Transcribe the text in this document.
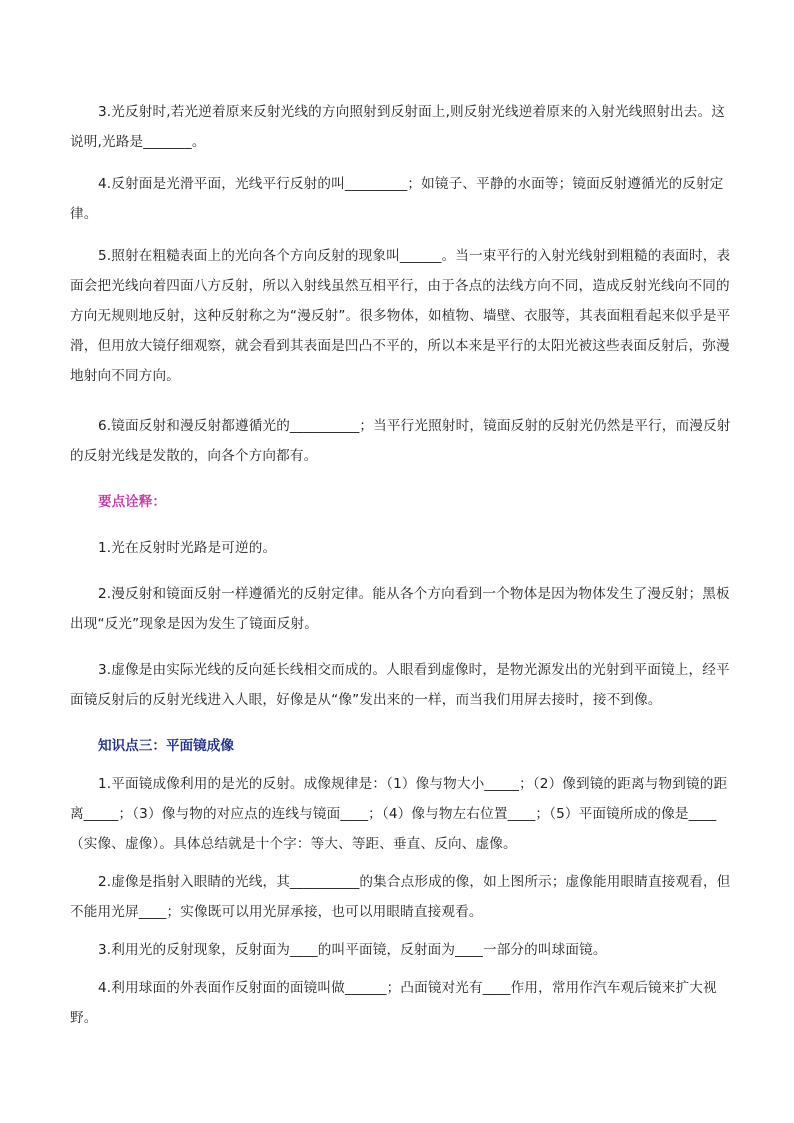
3.光反射时,若光逆着原来反射光线的方向照射到反射面上,则反射光线逆着原来的入射光线照射出去。这说明,光路是_______。

4.反射面是光滑平面，光线平行反射的叫_________；如镜子、平静的水面等；镜面反射遵循光的反射定律。

5.照射在粗糙表面上的光向各个方向反射的现象叫______。当一束平行的入射光线射到粗糙的表面时，表面会把光线向着四面八方反射，所以入射线虽然互相平行，由于各点的法线方向不同，造成反射光线向不同的方向无规则地反射，这种反射称之为“漫反射”。很多物体，如植物、墙壁、衣服等，其表面粗看起来似乎是平滑，但用放大镜仔细观察，就会看到其表面是凹凸不平的，所以本来是平行的太阳光被这些表面反射后，弥漫地射向不同方向。

6.镜面反射和漫反射都遵循光的__________；当平行光照射时，镜面反射的反射光仍然是平行，而漫反射的反射光线是发散的，向各个方向都有。

要点诠释：

1.光在反射时光路是可逆的。

2.漫反射和镜面反射一样遵循光的反射定律。能从各个方向看到一个物体是因为物体发生了漫反射；黑板出现“反光”现象是因为发生了镜面反射。

3.虚像是由实际光线的反向延长线相交而成的。人眼看到虚像时，是物光源发出的光射到平面镜上，经平面镜反射后的反射光线进入人眼，好像是从“像”发出来的一样，而当我们用屏去接时，接不到像。

知识点三：平面镜成像

1.平面镜成像利用的是光的反射。成像规律是：（1）像与物大小_____；（2）像到镜的距离与物到镜的距离_____；（3）像与物的对应点的连线与镜面____；（4）像与物左右位置____；（5）平面镜所成的像是____（实像、虚像）。具体总结就是十个字：等大、等距、垂直、反向、虚像。

2.虚像是指射入眼睛的光线，其__________的集合点形成的像，如上图所示；虚像能用眼睛直接观看，但不能用光屏____；实像既可以用光屏承接，也可以用眼睛直接观看。

3.利用光的反射现象，反射面为____的叫平面镜，反射面为____一部分的叫球面镜。

4.利用球面的外表面作反射面的面镜叫做______；凸面镜对光有____作用，常用作汽车观后镜来扩大视野。
